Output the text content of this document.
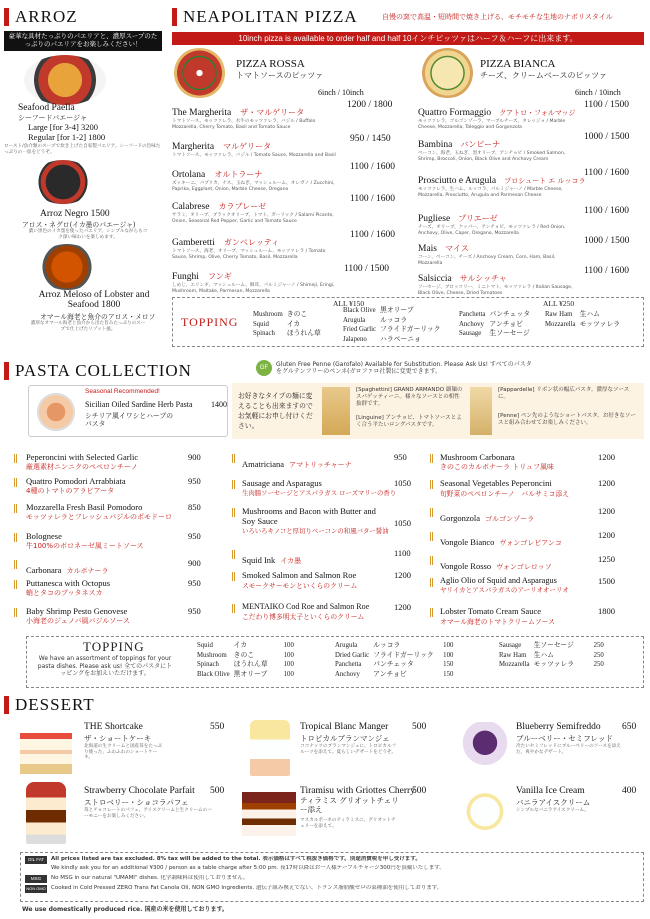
ARROZ
豪華な具材たっぷりのパエリアと、濃厚スープのたっぷりのパエリアをお楽しみください！
Seafood Paella
シーフードパエージャ
Large [for 3-4] 3200
Regular [for 1-2] 1800
ロースト/魚介類のスープで炊き上げた自家製パエリア。シーフードの旨味たっぷりの一皿をどうぞ。
Arroz Negro 1500
アロス・ネグロ(イカ墨のパエージャ)
濃い黒色のイカ墨を使ったパエリア。シンプルながらもコク深い味わいを楽しめます。
Arroz Meloso of Lobster and Seafood 1800
オマール海老と魚介のアロス・メロソ
濃厚なオマール海老と魚介から出た旨みたっぷりのスープで仕上げたリゾット風。
NEAPOLITAN PIZZA	自慢の窯で高温・短時間で焼き上げる、モチモチな生地のナポリスタイル
10inch pizza is available to order half and half 10インチピッツァはハーフ＆ハーフに出来ます。
PIZZA ROSSA
トマトソースのピッツァ
6inch / 10inch
PIZZA BIANCA
チーズ、クリームベースのピッツァ
6inch / 10inch
The Margherita ザ・マルゲリータ
1200 / 1800
トマトソース、モッツァレラ、水牛のモッツァレラ、バジル / Buffalo Mozzarella, Cherry Tomato, Basil and Tomato Sauce
Margherita マルゲリータ
950 / 1450
トマトソース、モッツァレラ、バジル / Tomato Sauce, Mozzarella and Basil
Ortolana オルトラーナ
1100 / 1600
ズッキーニ、パプリカ、ナス、玉ねぎ、マッシュルーム、オレガノ / Zucchini, Paprika, Eggplant, Onion, Marble Cheese, Oregano
Calabrese カラブレーゼ
1100 / 1600
サラミ、オリーブ、ブラックオリーブ、トマト、ガーリック / Salami Picante, Onion, Seasonal Red Pepper, Garlic and Tomato Sauce
Gamberetti ガンベレッティ
1100 / 1600
トマトソース、海老、オリーブ、マッシュルーム、モッツァレラ / Tomato Sauce, Shrimp, Olive, Cherry Tomato, Basil, Mozzarella
Funghi フンギ
1100 / 1500
しめじ、エリンギ、マッシュルーム、舞茸、パルミジャーノ / Shimeji, Eringi, Mushroom, Maitake, Parmesan, Mozzarella
Quattro Formaggio クアトロ・フォルマッジ
1100 / 1500
モッツァレラ、ゴルゴンゾーラ、マーブルチーズ、タレッジョ / Marble Cheese, Mozzarella, Taleggio and Gorgonzola
Bambina バンビーナ
1000 / 1500
ベーコン、海老、玉ねぎ、黒オリーブ、アンチョビ / Smoked Salmon, Shrimp, Broccoli, Onion, Black Olive and Anchovy Cream
Prosciutto e Arugula プロシュート エ ルッコラ
1100 / 1600
モッツァレラ、生ハム、ルッコラ、パルミジャーノ / Marble Cheese, Mozzarella, Prosciutto, Arugula and Parmesan Cheese
Pugliese プリエーゼ
1100 / 1600
チーズ、オリーブ、ケッパー、アンチョビ、モッツァレラ / Red Onion, Anchovy, Olive, Caper, Oregano, Mozzarella
Mais マイス
1000 / 1500
コーン、ベーコン、チーズ / Anchovy Cream, Corn, Ham, Basil, Mozzarella
Salsiccia サルシッチャ
1100 / 1600
ソーセージ、ブロッコリー、ミニトマト、モッツァレラ / Italian Sausage, Black Olive, Cheese, Dried Tomatoes
TOPPING
ALL ¥150	ALL ¥250
Mushroom	きのこ
Squid	イカ
Spinach	ほうれん草
Black Olive	黒オリーブ
Arugula	ルッコラ
Fried Garlic	フライドガーリック
Jalapeno	ハラペーニョ
Panchetta	パンチェッタ
Anchovy	アンチョビ
Sausage	生ソーセージ
Raw Ham	生ハム
Mozzarella	モッツァレラ
PASTA COLLECTION	GF	Gluten Free Penne (Garofalo) Available for Substitution. Please Ask Us! すべてのパスタをグルテンフリーのペンネ(ガロファロ社製)に変更できます。
Seasonal Recommended!
Sicilian Oiled Sardine Herb Pasta 1400
シチリア風イワシとハーブのパスタ
お好きなタイプの麺に変えることも出来ますのでお気軽にお申し付けください。
[Spaghettini] GRAND ARMANDO 細麺のスパゲッティーニ。様々なソースとの相性抜群です。
[Linguine] アンチョビ、トマトソースとよく合う平たいロングパスタです。
[Pappardelle] リボン状の幅広パスタ。濃厚なソースに。
[Penne] ペン先のようなショートパスタ。お好きなソースと組み合わせてお楽しみください。
Peperoncini with Selected Garlic
厳選素材ニンニクのペペロンチーノ
900
Quattro Pomodori Arrabbiata
4種のトマトのアラビアータ
950
Mozzarella Fresh Basil Pomodoro
モッツァレラとフレッシュバジルのポモドーロ
850
Bolognese
牛100%のボロネーゼ風ミートソース
950
Carbonara カルボナーラ
900
Puttanesca with Octopus
蛸とタコのプッタネスカ
950
Baby Shrimp Pesto Genovese
小海老のジェノバ風バジルソース
950
Amatriciana アマトリッチャーナ
950
Sausage and Asparagus
生肉腸ソーセージとアスパラガス ローズマリーの香り
1050
Mushrooms and Bacon with Butter and Soy Sauce
いろいろキノコと厚切りベーコンの和風バター醤油
1050
Squid Ink イカ墨
1100
Smoked Salmon and Salmon Roe
スモークサーモンといくらのクリーム
1200
MENTAIKO Cod Roe and Salmon Roe
こだわり博多明太子といくらのクリーム
1200
Mushroom Carbonara
きのこのカルボナーラ トリュフ風味
1200
Seasonal Vegetables Peperoncini
旬野菜のペペロンチーノ　バルサミコ添え
1200
Gorgonzola ゴルゴンゾーラ
1200
Vongole Bianco ヴォンゴレビアンコ
1200
Vongole Rosso ヴォンゴレロッソ
1250
Aglio Olio of Squid and Asparagus
ヤリイカとアスパラガスのアーリオオーリオ
1500
Lobster Tomato Cream Sauce
オマール海老のトマトクリームソース
1800
TOPPING
We have an assortment of toppings for your pasta dishes. Please ask us! 全てのパスタにトッピングをお加えいただけます。
Squid	イカ	100
Mushroom	きのこ	100
Spinach	ほうれん草	100
Black Olive	黒オリーブ	100
Arugula	ルッコラ	100
Dried Garlic	フライドガーリック	100
Panchetta	パンチェッタ	150
Anchovy	アンチョビ	150
Sausage	生ソーセージ	250
Raw Ham	生ハム	250
Mozzarella	モッツァレラ	250
DESSERT
THE Shortcake
ザ・ショートケーキ
550
北海道の生クリームと国産苺をたっぷり使った、ふわふわのショートケーキ。
Tropical Blanc Manger
トロピカルブランマンジェ
500
ココナッツのブランマンジェに、トロピカルフルーツを添えて。夏らしいデザートをどうぞ。
Blueberry Semifreddo
ブルーベリー・セミフレッド
650
冷たいセミフレッドにブルーベリーのソースを添えた、爽やかなデザート。
Strawberry Chocolate Parfait
ストロベリー・ショコラパフェ
500
苺とチョコレートのパフェ。アイスクリームと生クリームのハーモニーをお楽しみください。
Tiramisu with Griottes Cherry
ティラミス グリオットチェリー添え
500
マスカルポーネのティラミスに、グリオットチェリーを添えて。
Vanilla Ice Cream
バニラアイスクリーム
400
シンプルなバニラアイスクリーム。
OIL FAT	All prices listed are tax excluded. 8% tax will be added to the total. 表示価格はすべて税抜き価格です。別途消費税を申し受けます。
We kindly ask you for an additional ¥300 / person as a table charge after 5:00 pm. 夜17時以降はお一人様テーブルチャージ300円を頂戴いたします。
MSG	No MSG in our natural "UMAMI" dishes. 化学調味料は使用しておりません。
NON GMO Cooked in Cold Pressed ZERO Trans Fat Canola Oil, NON GMO Ingredients. 遺伝子組み換えでない、トランス脂肪酸ゼロの菜種油を使用しております。
We use domestically produced rice. 国産の米を使用しております。
